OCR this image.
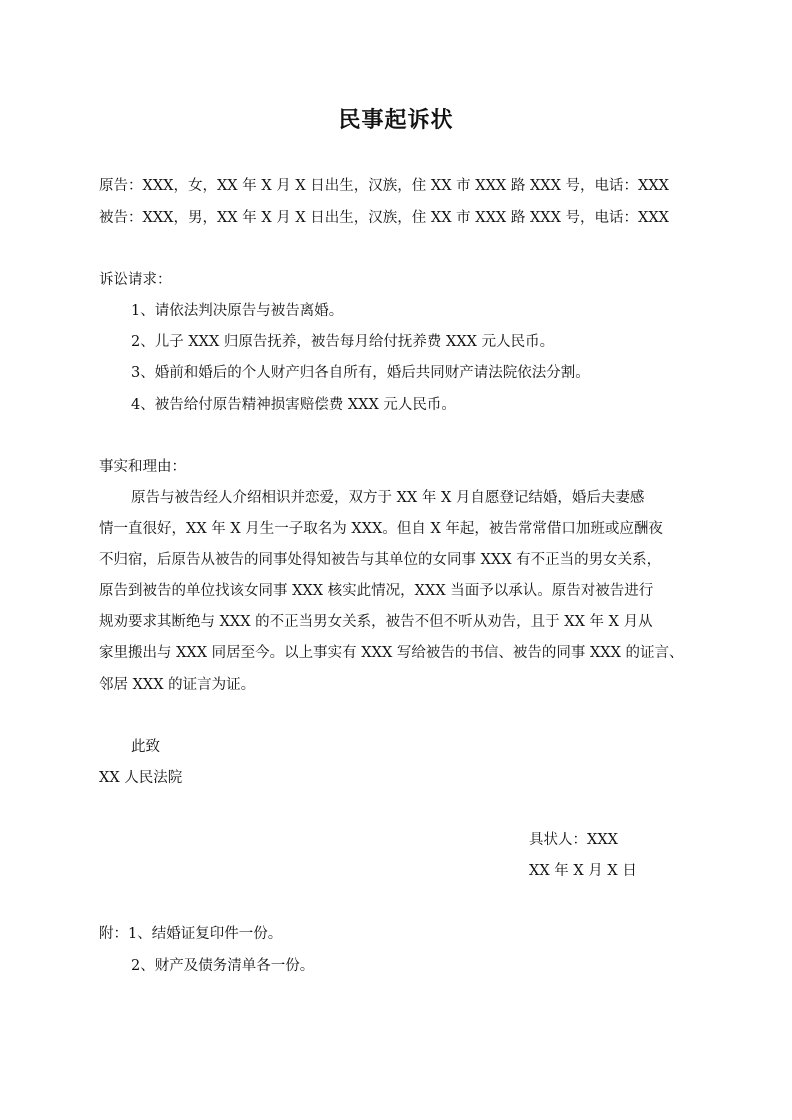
民事起诉状
原告：XXX，女，XX 年 X 月 X 日出生，汉族，住 XX 市 XXX 路 XXX 号，电话：XXX
被告：XXX，男，XX 年 X 月 X 日出生，汉族，住 XX 市 XXX 路 XXX 号，电话：XXX
诉讼请求：
1、请依法判决原告与被告离婚。
2、儿子 XXX 归原告抚养，被告每月给付抚养费 XXX 元人民币。
3、婚前和婚后的个人财产归各自所有，婚后共同财产请法院依法分割。
4、被告给付原告精神损害赔偿费 XXX 元人民币。
事实和理由：
原告与被告经人介绍相识并恋爱，双方于 XX 年 X 月自愿登记结婚，婚后夫妻感
情一直很好，XX 年 X 月生一子取名为 XXX。但自 X 年起，被告常常借口加班或应酬夜
不归宿，后原告从被告的同事处得知被告与其单位的女同事 XXX 有不正当的男女关系，
原告到被告的单位找该女同事 XXX 核实此情况，XXX 当面予以承认。原告对被告进行
规劝要求其断绝与 XXX 的不正当男女关系，被告不但不听从劝告，且于 XX 年 X 月从
家里搬出与 XXX 同居至今。以上事实有 XXX 写给被告的书信、被告的同事 XXX 的证言、
邻居 XXX 的证言为证。
此致
XX 人民法院
具状人：XXX
XX 年 X 月 X 日
附：1、结婚证复印件一份。
2、财产及债务清单各一份。
